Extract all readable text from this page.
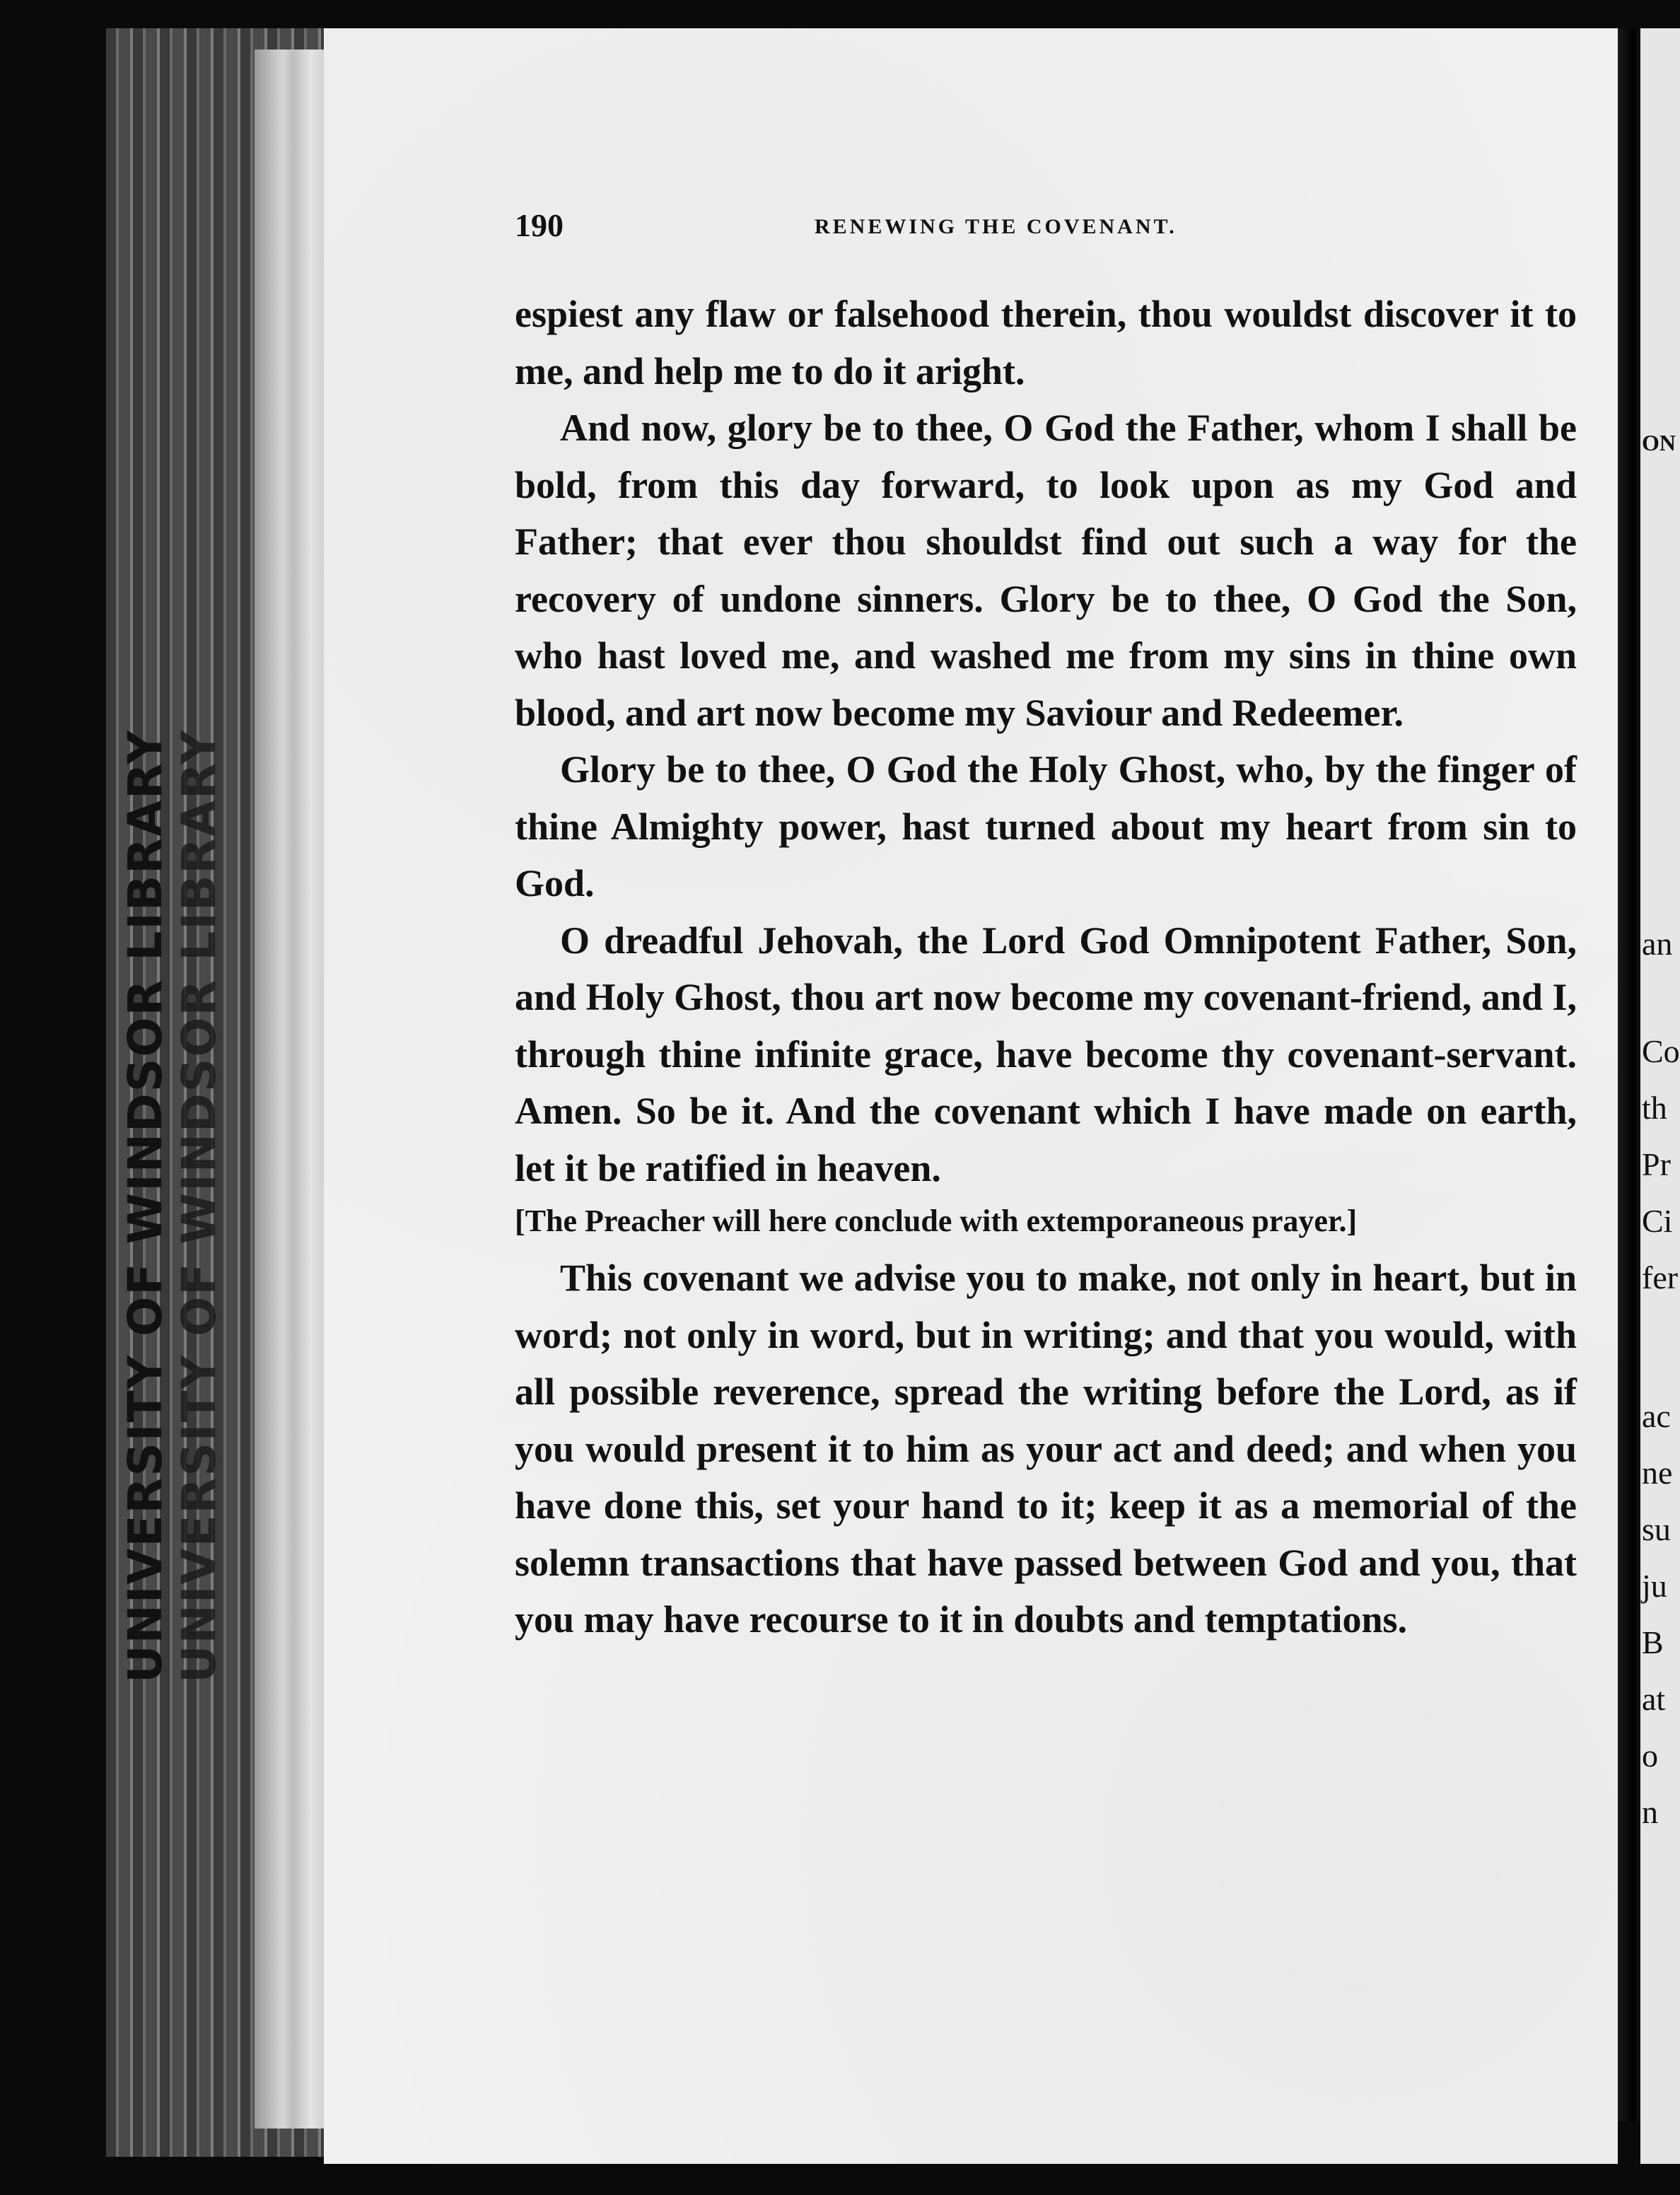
UNIVERSITY OF WINDSOR LIBRARY UNIVERSITY OF WINDSOR LIBRARY
ON
an
Co
th
Pr
Ci
fer
ac
ne
su
ju
B
at
o
n
190	RENEWING THE COVENANT.

espiest any flaw or falsehood therein, thou wouldst discover it to me, and help me to do it aright.

And now, glory be to thee, O God the Father, whom I shall be bold, from this day forward, to look upon as my God and Father; that ever thou shouldst find out such a way for the recovery of undone sinners. Glory be to thee, O God the Son, who hast loved me, and washed me from my sins in thine own blood, and art now become my Saviour and Redeemer.

Glory be to thee, O God the Holy Ghost, who, by the finger of thine Almighty power, hast turned about my heart from sin to God.

O dreadful Jehovah, the Lord God Omnipotent Father, Son, and Holy Ghost, thou art now become my covenant-friend, and I, through thine infinite grace, have become thy covenant-servant. Amen. So be it. And the covenant which I have made on earth, let it be ratified in heaven.

[The Preacher will here conclude with extemporaneous prayer.]

This covenant we advise you to make, not only in heart, but in word; not only in word, but in writing; and that you would, with all possible reverence, spread the writing before the Lord, as if you would present it to him as your act and deed; and when you have done this, set your hand to it; keep it as a memorial of the solemn transactions that have passed between God and you, that you may have recourse to it in doubts and temptations.
